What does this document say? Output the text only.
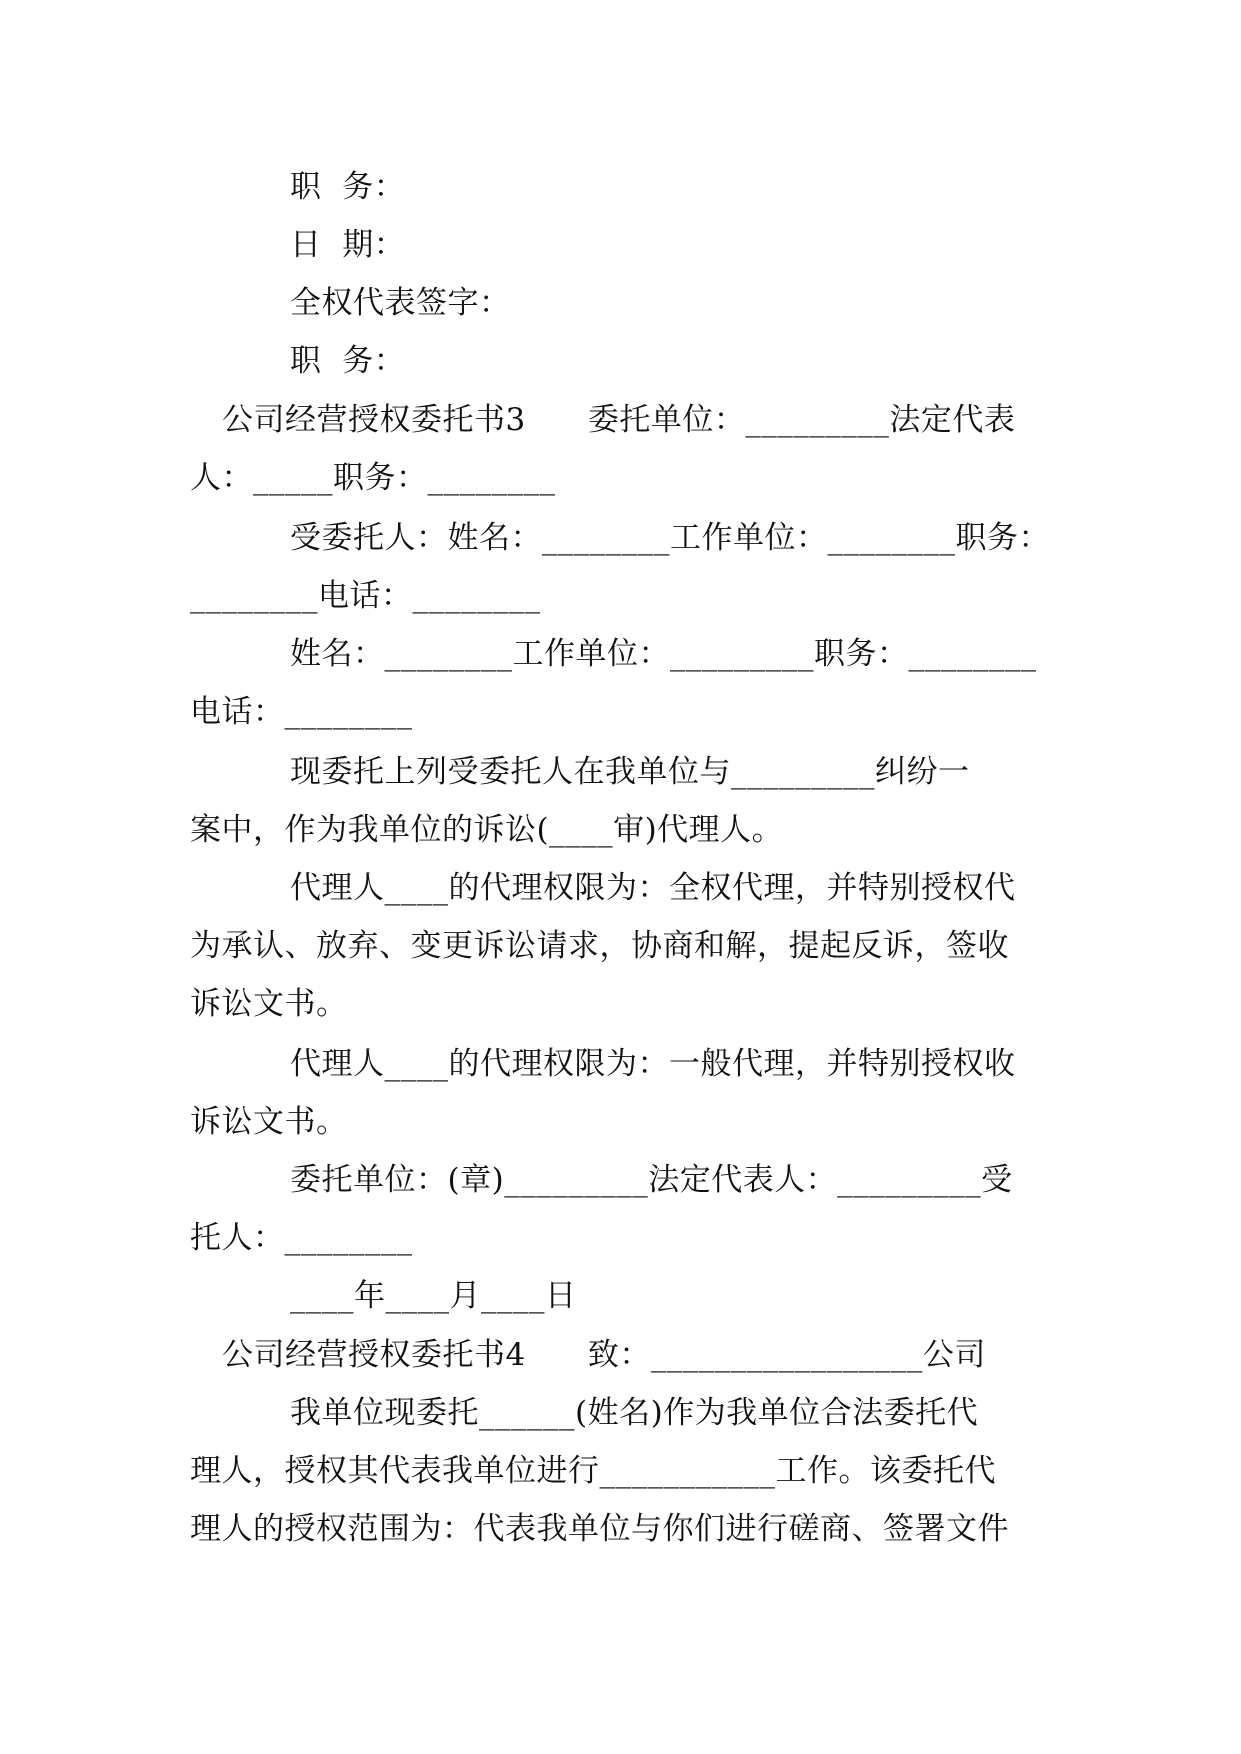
职  务：
日  期：
全权代表签字：
职  务：
公司经营授权委托书3      委托单位：_________法定代表
人：_____职务：________
受委托人：姓名：________工作单位：________职务：
________电话：________
姓名：________工作单位：_________职务：________
电话：________
现委托上列受委托人在我单位与_________纠纷一
案中，作为我单位的诉讼(____审)代理人。
代理人____的代理权限为：全权代理，并特别授权代
为承认、放弃、变更诉讼请求，协商和解，提起反诉，签收
诉讼文书。
代理人____的代理权限为：一般代理，并特别授权收
诉讼文书。
委托单位：(章)_________法定代表人：_________受
托人：________
____年____月____日
公司经营授权委托书4      致：_________________公司
我单位现委托______(姓名)作为我单位合法委托代
理人，授权其代表我单位进行___________工作。该委托代
理人的授权范围为：代表我单位与你们进行磋商、签署文件
